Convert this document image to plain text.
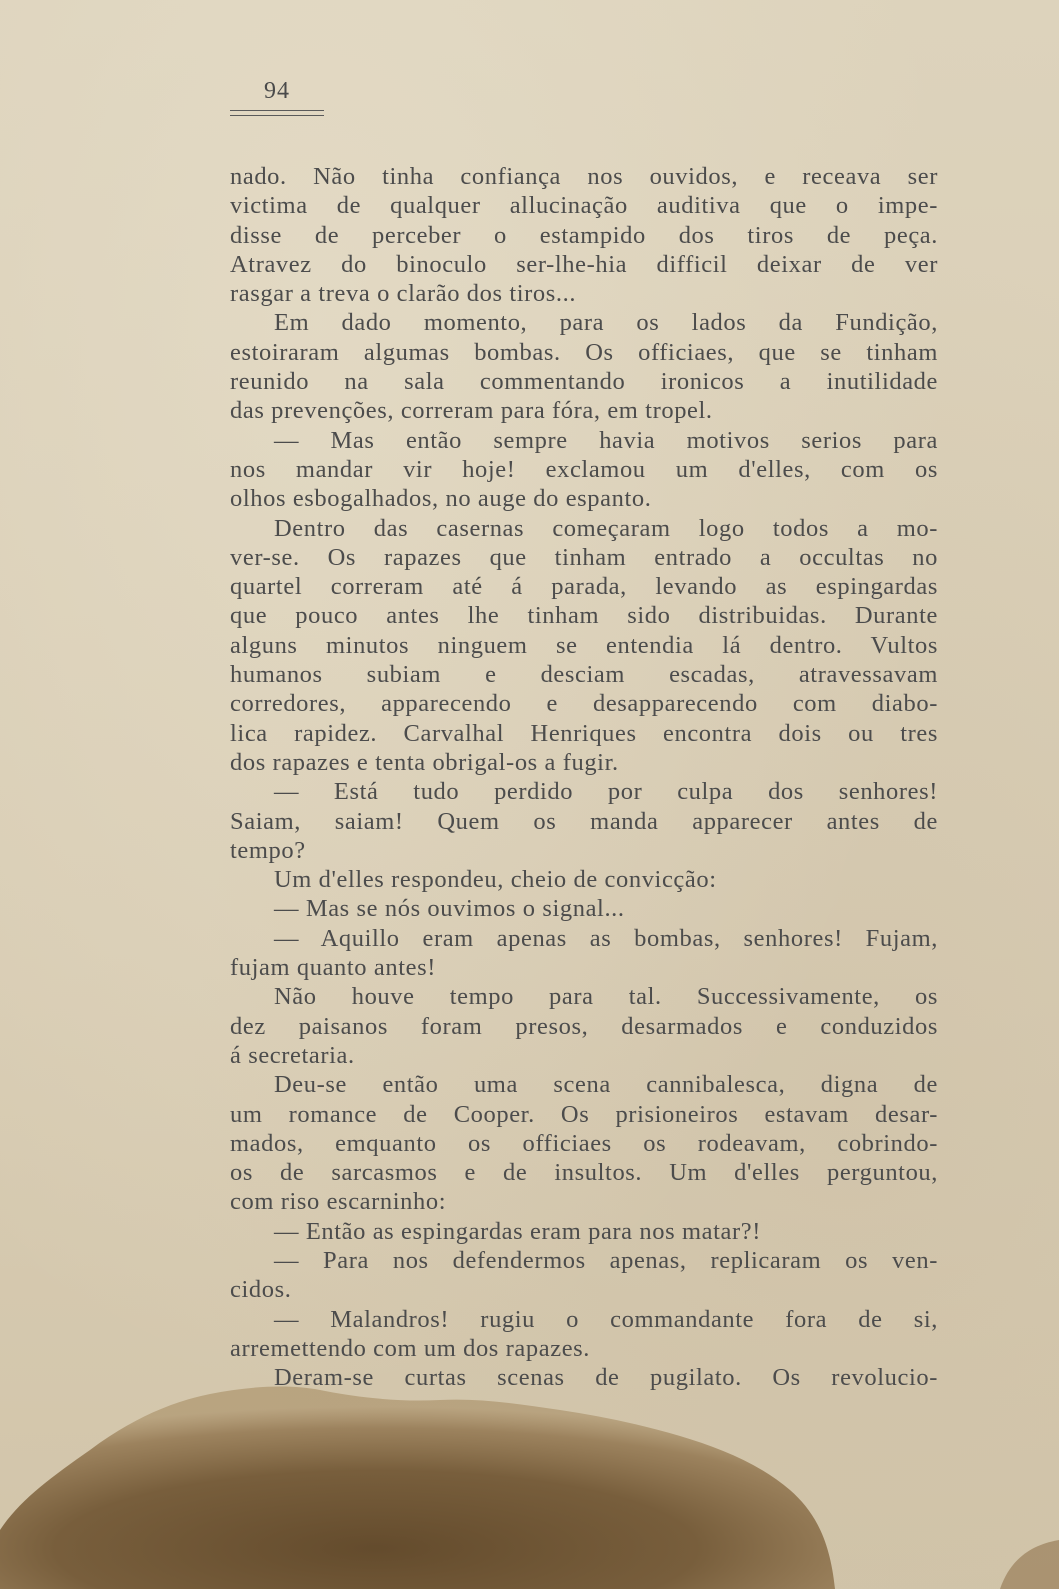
94
nado. Não tinha confiança nos ouvidos, e receava ser
victima de qualquer allucinação auditiva que o impe-
disse de perceber o estampido dos tiros de peça.
Atravez do binoculo ser-lhe-hia difficil deixar de ver
rasgar a treva o clarão dos tiros...
Em dado momento, para os lados da Fundição,
estoiraram algumas bombas. Os officiaes, que se tinham
reunido na sala commentando ironicos a inutilidade
das prevenções, correram para fóra, em tropel.
— Mas então sempre havia motivos serios para
nos mandar vir hoje! exclamou um d'elles, com os
olhos esbogalhados, no auge do espanto.
Dentro das casernas começaram logo todos a mo-
ver-se. Os rapazes que tinham entrado a occultas no
quartel correram até á parada, levando as espingardas
que pouco antes lhe tinham sido distribuidas. Durante
alguns minutos ninguem se entendia lá dentro. Vultos
humanos subiam e desciam escadas, atravessavam
corredores, apparecendo e desapparecendo com diabo-
lica rapidez. Carvalhal Henriques encontra dois ou tres
dos rapazes e tenta obrigal-os a fugir.
— Está tudo perdido por culpa dos senhores!
Saiam, saiam! Quem os manda apparecer antes de
tempo?
Um d'elles respondeu, cheio de convicção:
— Mas se nós ouvimos o signal...
— Aquillo eram apenas as bombas, senhores! Fujam,
fujam quanto antes!
Não houve tempo para tal. Successivamente, os
dez paisanos foram presos, desarmados e conduzidos
á secretaria.
Deu-se então uma scena cannibalesca, digna de
um romance de Cooper. Os prisioneiros estavam desar-
mados, emquanto os officiaes os rodeavam, cobrindo-
os de sarcasmos e de insultos. Um d'elles perguntou,
com riso escarninho:
— Então as espingardas eram para nos matar?!
— Para nos defendermos apenas, replicaram os ven-
cidos.
— Malandros! rugiu o commandante fora de si,
arremettendo com um dos rapazes.
Deram-se curtas scenas de pugilato. Os revolucio-
